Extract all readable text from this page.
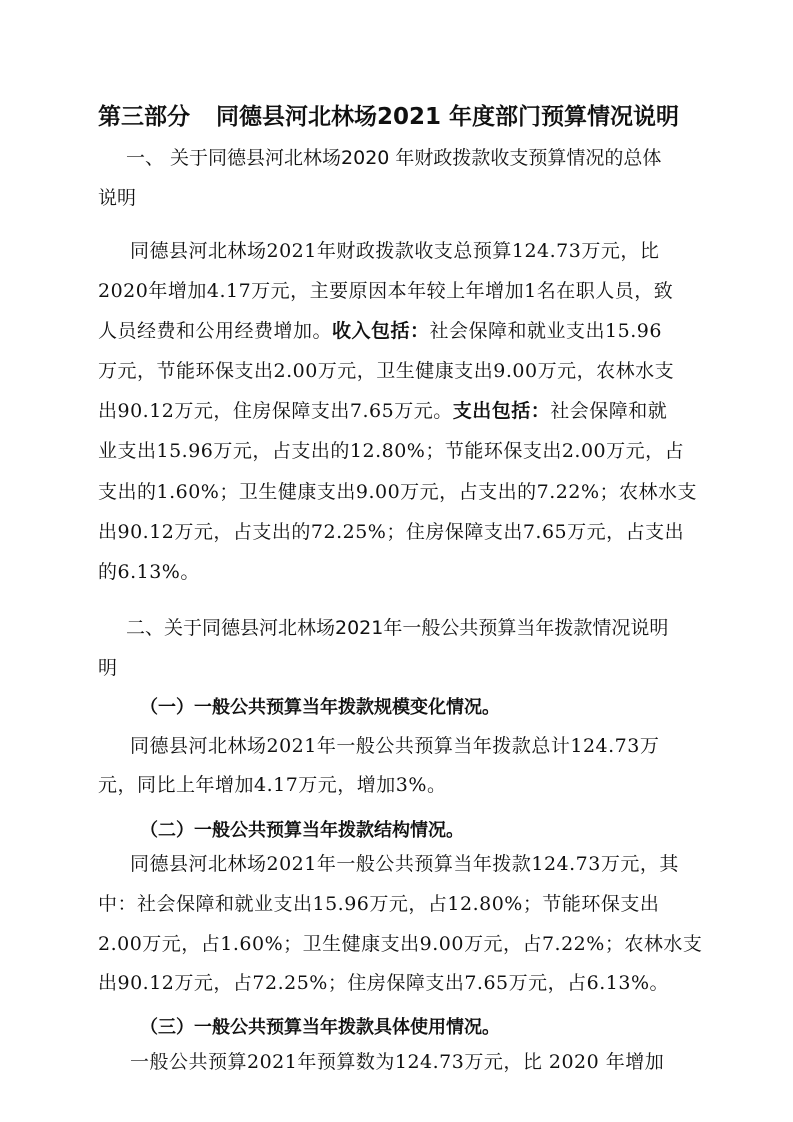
第三部分 同德县河北林场2021 年度部门预算情况说明

一、 关于同德县河北林场2020 年财政拨款收支预算情况的总体

说明

同德县河北林场2021年财政拨款收支总预算124.73万元，比

2020年增加4.17万元，主要原因本年较上年增加1名在职人员，致

人员经费和公用经费增加。收入包括：社会保障和就业支出15.96

万元，节能环保支出2.00万元，卫生健康支出9.00万元，农林水支

出90.12万元，住房保障支出7.65万元。支出包括：社会保障和就

业支出15.96万元，占支出的12.80%；节能环保支出2.00万元，占

支出的1.60%；卫生健康支出9.00万元，占支出的7.22%；农林水支

出90.12万元，占支出的72.25%；住房保障支出7.65万元，占支出

的6.13%。

二、关于同德县河北林场2021年一般公共预算当年拨款情况说明

明

（一）一般公共预算当年拨款规模变化情况。

同德县河北林场2021年一般公共预算当年拨款总计124.73万

元，同比上年增加4.17万元，增加3%。

（二）一般公共预算当年拨款结构情况。

同德县河北林场2021年一般公共预算当年拨款124.73万元，其

中：社会保障和就业支出15.96万元，占12.80%；节能环保支出

2.00万元，占1.60%；卫生健康支出9.00万元，占7.22%；农林水支

出90.12万元，占72.25%；住房保障支出7.65万元，占6.13%。

（三）一般公共预算当年拨款具体使用情况。

一般公共预算2021年预算数为124.73万元，比 2020 年增加
